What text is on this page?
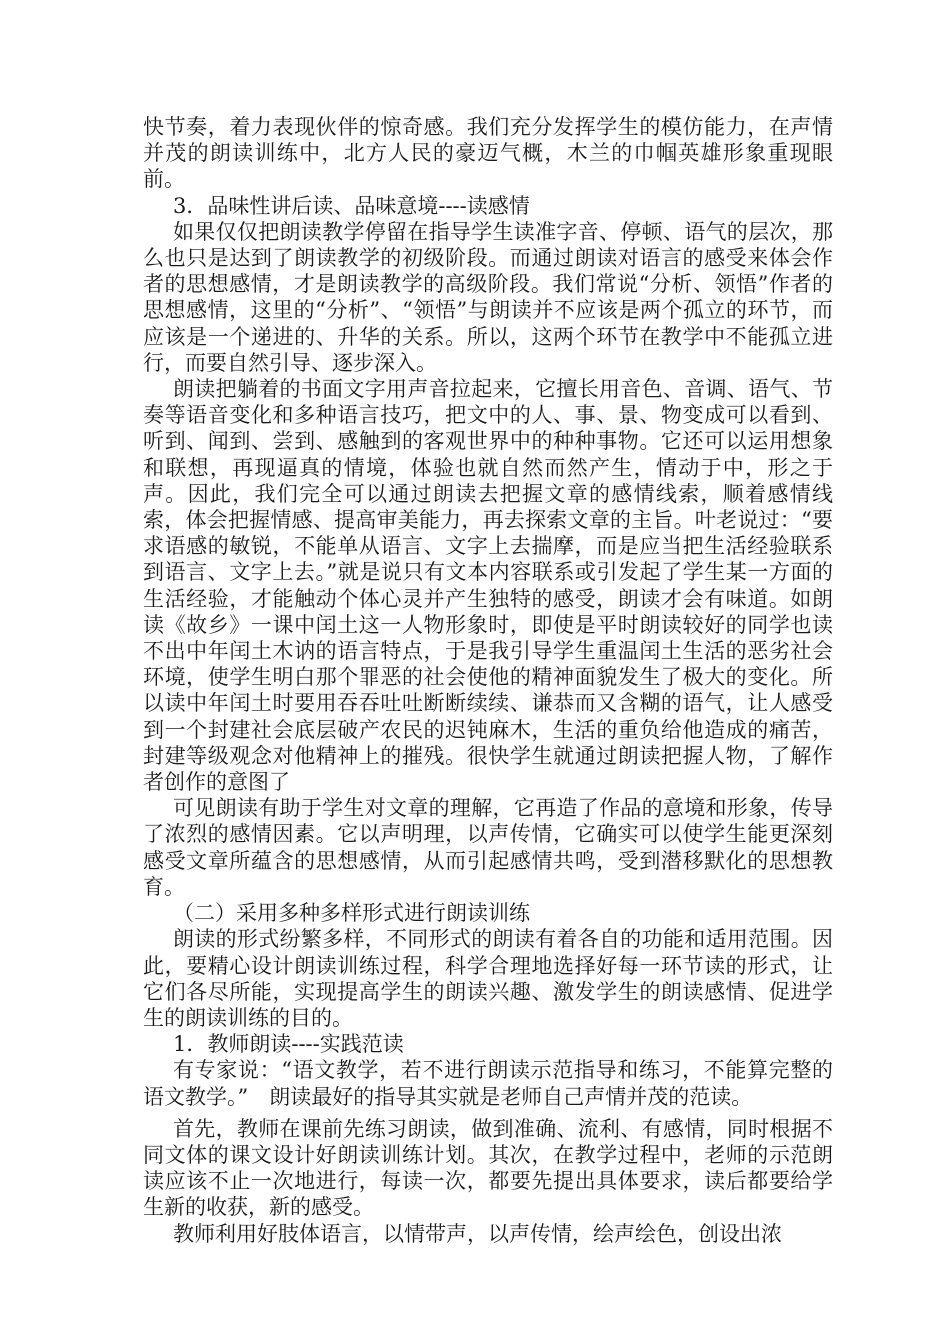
快节奏，着力表现伙伴的惊奇感。我们充分发挥学生的模仿能力，在声情并茂的朗读训练中，北方人民的豪迈气概，木兰的巾帼英雄形象重现眼前。

3．品味性讲后读、品味意境----读感情

如果仅仅把朗读教学停留在指导学生读准字音、停顿、语气的层次，那么也只是达到了朗读教学的初级阶段。而通过朗读对语言的感受来体会作者的思想感情，才是朗读教学的高级阶段。我们常说“分析、领悟”作者的思想感情，这里的“分析”、“领悟”与朗读并不应该是两个孤立的环节，而应该是一个递进的、升华的关系。所以，这两个环节在教学中不能孤立进行，而要自然引导、逐步深入。

朗读把躺着的书面文字用声音拉起来，它擅长用音色、音调、语气、节奏等语音变化和多种语言技巧，把文中的人、事、景、物变成可以看到、听到、闻到、尝到、感触到的客观世界中的种种事物。它还可以运用想象和联想，再现逼真的情境，体验也就自然而然产生，情动于中，形之于声。因此，我们完全可以通过朗读去把握文章的感情线索，顺着感情线索，体会把握情感、提高审美能力，再去探索文章的主旨。叶老说过：“要求语感的敏锐，不能单从语言、文字上去揣摩，而是应当把生活经验联系到语言、文字上去。”就是说只有文本内容联系或引发起了学生某一方面的生活经验，才能触动个体心灵并产生独特的感受，朗读才会有味道。如朗读《故乡》一课中闰土这一人物形象时，即使是平时朗读较好的同学也读不出中年闰土木讷的语言特点，于是我引导学生重温闰土生活的恶劣社会环境，使学生明白那个罪恶的社会使他的精神面貌发生了极大的变化。所以读中年闰土时要用吞吞吐吐断断续续、谦恭而又含糊的语气，让人感受到一个封建社会底层破产农民的迟钝麻木，生活的重负给他造成的痛苦，封建等级观念对他精神上的摧残。很快学生就通过朗读把握人物，了解作者创作的意图了

可见朗读有助于学生对文章的理解，它再造了作品的意境和形象，传导了浓烈的感情因素。它以声明理，以声传情，它确实可以使学生能更深刻感受文章所蕴含的思想感情，从而引起感情共鸣，受到潜移默化的思想教育。

（二）采用多种多样形式进行朗读训练

朗读的形式纷繁多样，不同形式的朗读有着各自的功能和适用范围。因此，要精心设计朗读训练过程，科学合理地选择好每一环节读的形式，让它们各尽所能，实现提高学生的朗读兴趣、激发学生的朗读感情、促进学生的朗读训练的目的。

1．教师朗读----实践范读

有专家说：“语文教学，若不进行朗读示范指导和练习，不能算完整的语文教学。”　朗读最好的指导其实就是老师自己声情并茂的范读。

首先，教师在课前先练习朗读，做到准确、流利、有感情，同时根据不同文体的课文设计好朗读训练计划。其次，在教学过程中，老师的示范朗读应该不止一次地进行，每读一次，都要先提出具体要求，读后都要给学生新的收获，新的感受。

教师利用好肢体语言，以情带声，以声传情，绘声绘色，创设出浓
